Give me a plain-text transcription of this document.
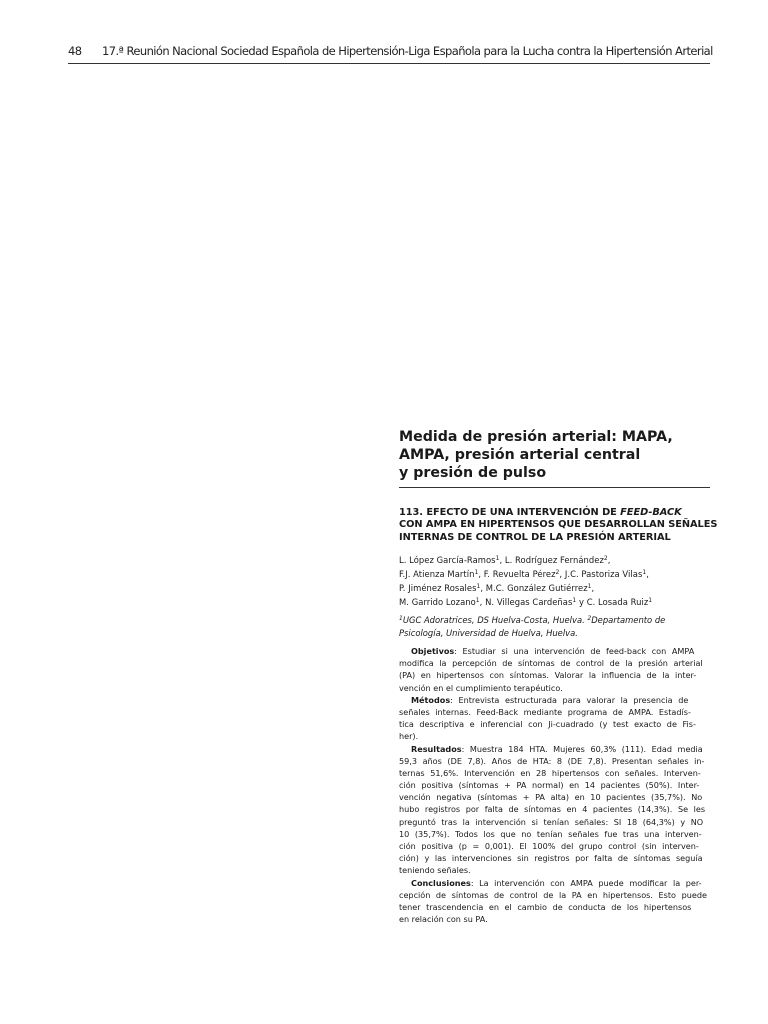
48 17.ª Reunión Nacional Sociedad Española de Hipertensión-Liga Española para la Lucha contra la Hipertensión Arterial
Medida de presión arterial: MAPA,
AMPA, presión arterial central
y presión de pulso
113. EFECTO DE UNA INTERVENCIÓN DE FEED-BACK
CON AMPA EN HIPERTENSOS QUE DESARROLLAN SEÑALES
INTERNAS DE CONTROL DE LA PRESIÓN ARTERIAL
L. López García-Ramos$^1$, L. Rodríguez Fernández$^2$,
F.J. Atienza Martín$^1$, F. Revuelta Pérez$^2$, J.C. Pastoriza Vilas$^1$,
P. Jiménez Rosales$^1$, M.C. González Gutiérrez$^1$,
M. Garrido Lozano$^1$, N. Villegas Cardeñas$^1$ y C. Losada Ruiz$^1$
$^1$UGC Adoratrices, DS Huelva-Costa, Huelva. $^2$Departamento de
Psicología, Universidad de Huelva, Huelva.
Objetivos: Estudiar si una intervención de feed-back con AMPA
modifica la percepción de síntomas de control de la presión arterial
(PA) en hipertensos con síntomas. Valorar la influencia de la inter-
vención en el cumplimiento terapéutico.
Métodos: Entrevista estructurada para valorar la presencia de
señales internas. Feed-Back mediante programa de AMPA. Estadís-
tica descriptiva e inferencial con Ji-cuadrado (y test exacto de Fis-
her).
Resultados: Muestra 184 HTA. Mujeres 60,3% (111). Edad media
59,3 años (DE 7,8). Años de HTA: 8 (DE 7,8). Presentan señales in-
ternas 51,6%. Intervención en 28 hipertensos con señales. Interven-
ción positiva (síntomas + PA normal) en 14 pacientes (50%). Inter-
vención negativa (síntomas + PA alta) en 10 pacientes (35,7%). No
hubo registros por falta de síntomas en 4 pacientes (14,3%). Se les
preguntó tras la intervención si tenían señales: SI 18 (64,3%) y NO
10 (35,7%). Todos los que no tenían señales fue tras una interven-
ción positiva (p = 0,001). El 100% del grupo control (sin interven-
ción) y las intervenciones sin registros por falta de síntomas seguía
teniendo señales.
Conclusiones: La intervención con AMPA puede modificar la per-
cepción de síntomas de control de la PA en hipertensos. Esto puede
tener trascendencia en el cambio de conducta de los hipertensos
en relación con su PA.
